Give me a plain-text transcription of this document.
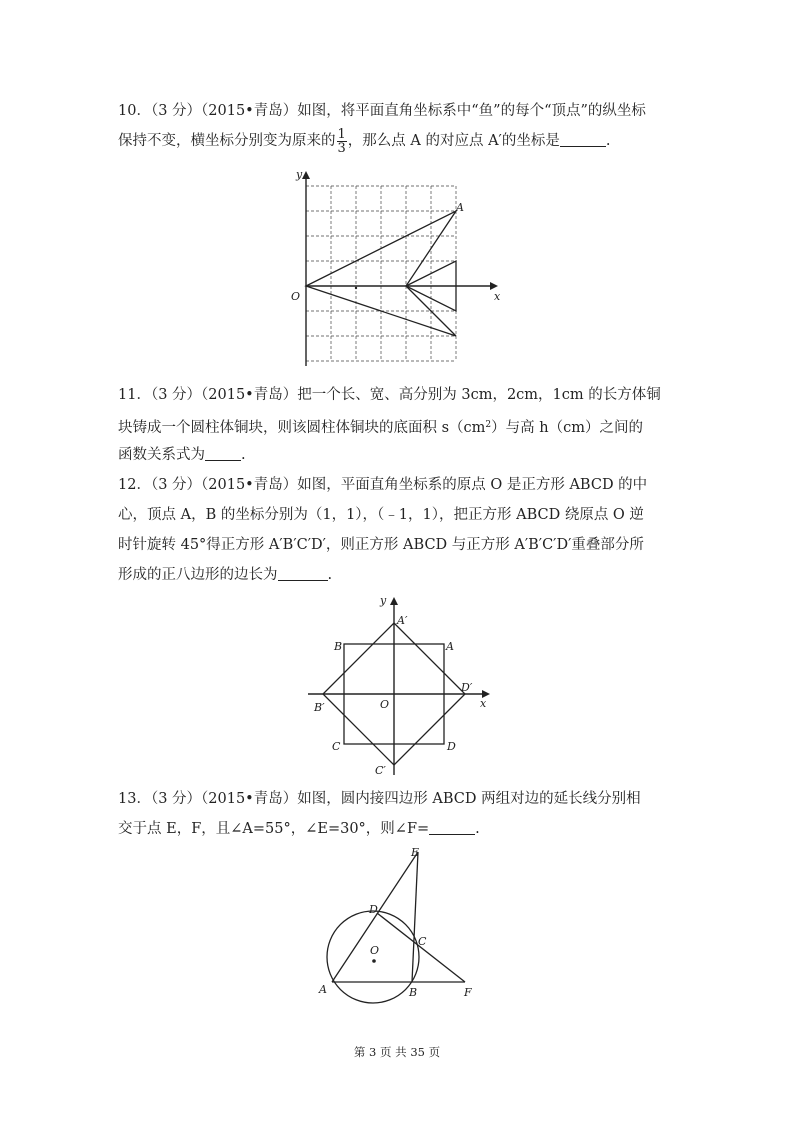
10．（3 分）（2015•青岛）如图，将平面直角坐标系中“鱼”的每个“顶点”的纵坐标
保持不变，横坐标分别变为原来的 $\frac{1}{3}$ ，那么点 A 的对应点 A′的坐标是	.
y
x
O
A
11．（3 分）（2015•青岛）把一个长、宽、高分别为 3cm，2cm，1cm 的长方体铜
块铸成一个圆柱体铜块，则该圆柱体铜块的底面积 $s(cm^2)$与高 h（cm）之间的
函数关系式为 .
12．（3 分）（2015•青岛）如图，平面直角坐标系的原点 O 是正方形 ABCD 的中
心，顶点 A，B 的坐标分别为（1，1），（﹣1，1），把正方形 ABCD 绕原点 O 逆
时针旋转 45°得正方形 A′B′C′D′，则正方形 ABCD 与正方形 A′B′C′D′重叠部分所
形成的正八边形的边长为	.
y
x
O
A
B
C	D
A′
B′
C′
D′
13．（3 分）（2015•青岛）如图，圆内接四边形 ABCD 两组对边的延长线分别相
交于点 E，F，且∠A=55°，∠E=30°，则∠F=	.
E
D
C
O
A	B	F
第 3 页 共 35 页
